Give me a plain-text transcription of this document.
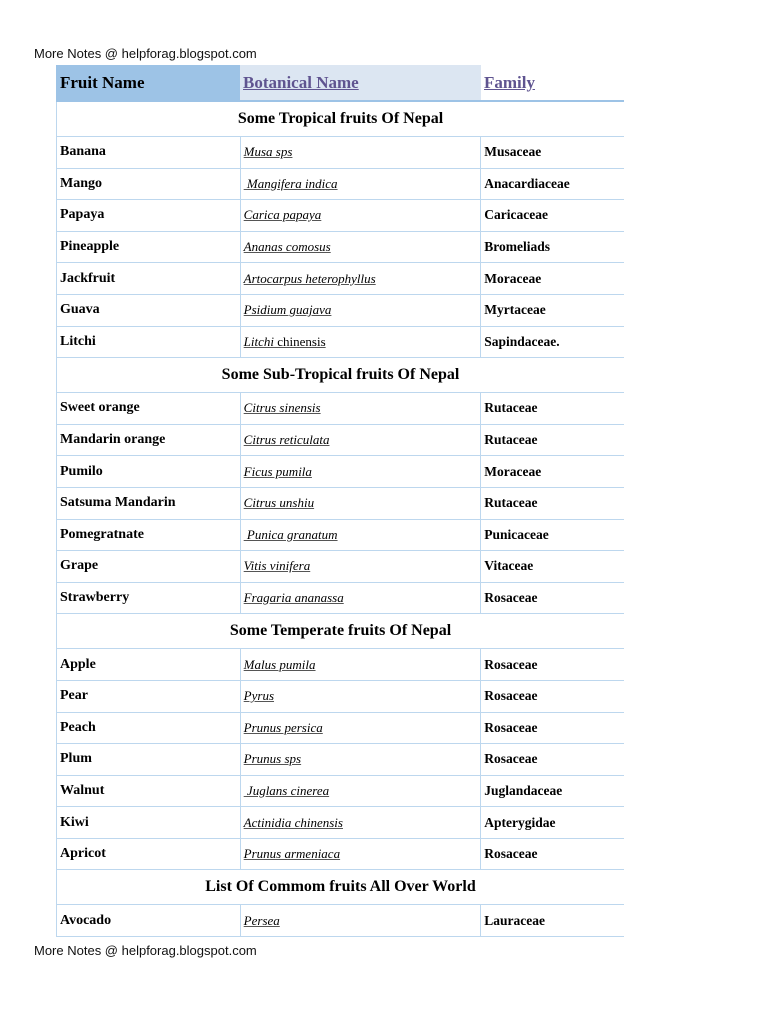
More Notes @ helpforag.blogspot.com
Fruit Name	Botanical Name	Family
Some Tropical fruits Of Nepal
Banana	Musa sps	Musaceae
Mango	Mangifera indica	Anacardiaceae
Papaya	Carica papaya	Caricaceae
Pineapple	Ananas comosus	Bromeliads
Jackfruit	Artocarpus heterophyllus	Moraceae
Guava	Psidium guajava	Myrtaceae
Litchi	Litchi chinensis	Sapindaceae.
Some Sub-Tropical fruits Of Nepal
Sweet orange	Citrus sinensis	Rutaceae
Mandarin orange	Citrus reticulata	Rutaceae
Pumilo	Ficus pumila	Moraceae
Satsuma Mandarin	Citrus unshiu	Rutaceae
Pomegratnate	Punica granatum	Punicaceae
Grape	Vitis vinifera	Vitaceae
Strawberry	Fragaria ananassa	Rosaceae
Some Temperate fruits Of Nepal
Apple	Malus pumila	Rosaceae
Pear	Pyrus	Rosaceae
Peach	Prunus persica	Rosaceae
Plum	Prunus sps	Rosaceae
Walnut	Juglans cinerea	Juglandaceae
Kiwi	Actinidia chinensis	Apterygidae
Apricot	Prunus armeniaca	Rosaceae
List Of Commom fruits All Over World
Avocado	Persea	Lauraceae
More Notes @ helpforag.blogspot.com
